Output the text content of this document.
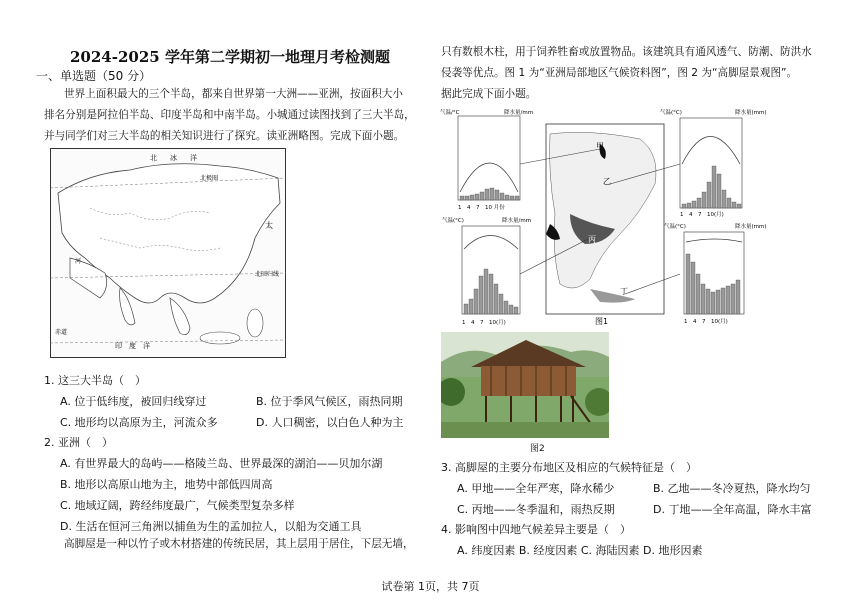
2024-2025 学年第二学期初一地理月考检测题
一、单选题（50 分）
世界上面积最大的三个半岛，都来自世界第一大洲——亚洲，按面积大小
排名分别是阿拉伯半岛、印度半岛和中南半岛。小城通过读图找到了三大半岛，
并与同学们对三大半岛的相关知识进行了探究。读亚洲略图。完成下面小题。
北 冰 洋
北极圈
太
河
北回归线
赤道
印　度　洋
1. 这三大半岛（　）
A. 位于低纬度，被回归线穿过	B. 位于季风气候区，雨热同期
C. 地形均以高原为主，河流众多	D. 人口稠密，以白色人种为主
2. 亚洲（　）
A. 有世界最大的岛屿——格陵兰岛、世界最深的湖泊——贝加尔湖
B. 地形以高原山地为主，地势中部低四周高
C. 地域辽阔，跨经纬度最广，气候类型复杂多样
D. 生活在恒河三角洲以捕鱼为生的孟加拉人，以船为交通工具
高脚屋是一种以竹子或木材搭建的传统民居，其上层用于居住，下层无墙，
只有数根木柱，用于饲养牲畜或放置物品。该建筑具有通风透气、防潮、防洪水
侵袭等优点。图 1 为“亚洲局部地区气候资料图”，图 2 为“高脚屋景观图”。
据此完成下面小题。
甲
乙
丙
丁
图1
气温/°C	降水量/mm
1　4　7　10 月份
气温(°C)	降水量(mm)
1　4　7　10(月)
气温(°C)	降水量/mm
1　4　7　10(月)
气温(°C)	降水量(mm)
1　4　7　10(月)
图2
3. 高脚屋的主要分布地区及相应的气候特征是（　）
A. 甲地——全年严寒，降水稀少	B. 乙地——冬冷夏热，降水均匀
C. 丙地——冬季温和，雨热反期	D. 丁地——全年高温，降水丰富
4. 影响图中四地气候差异主要是（　）
A. 纬度因素 B. 经度因素 C. 海陆因素 D. 地形因素
试卷第 1页，共 7页
